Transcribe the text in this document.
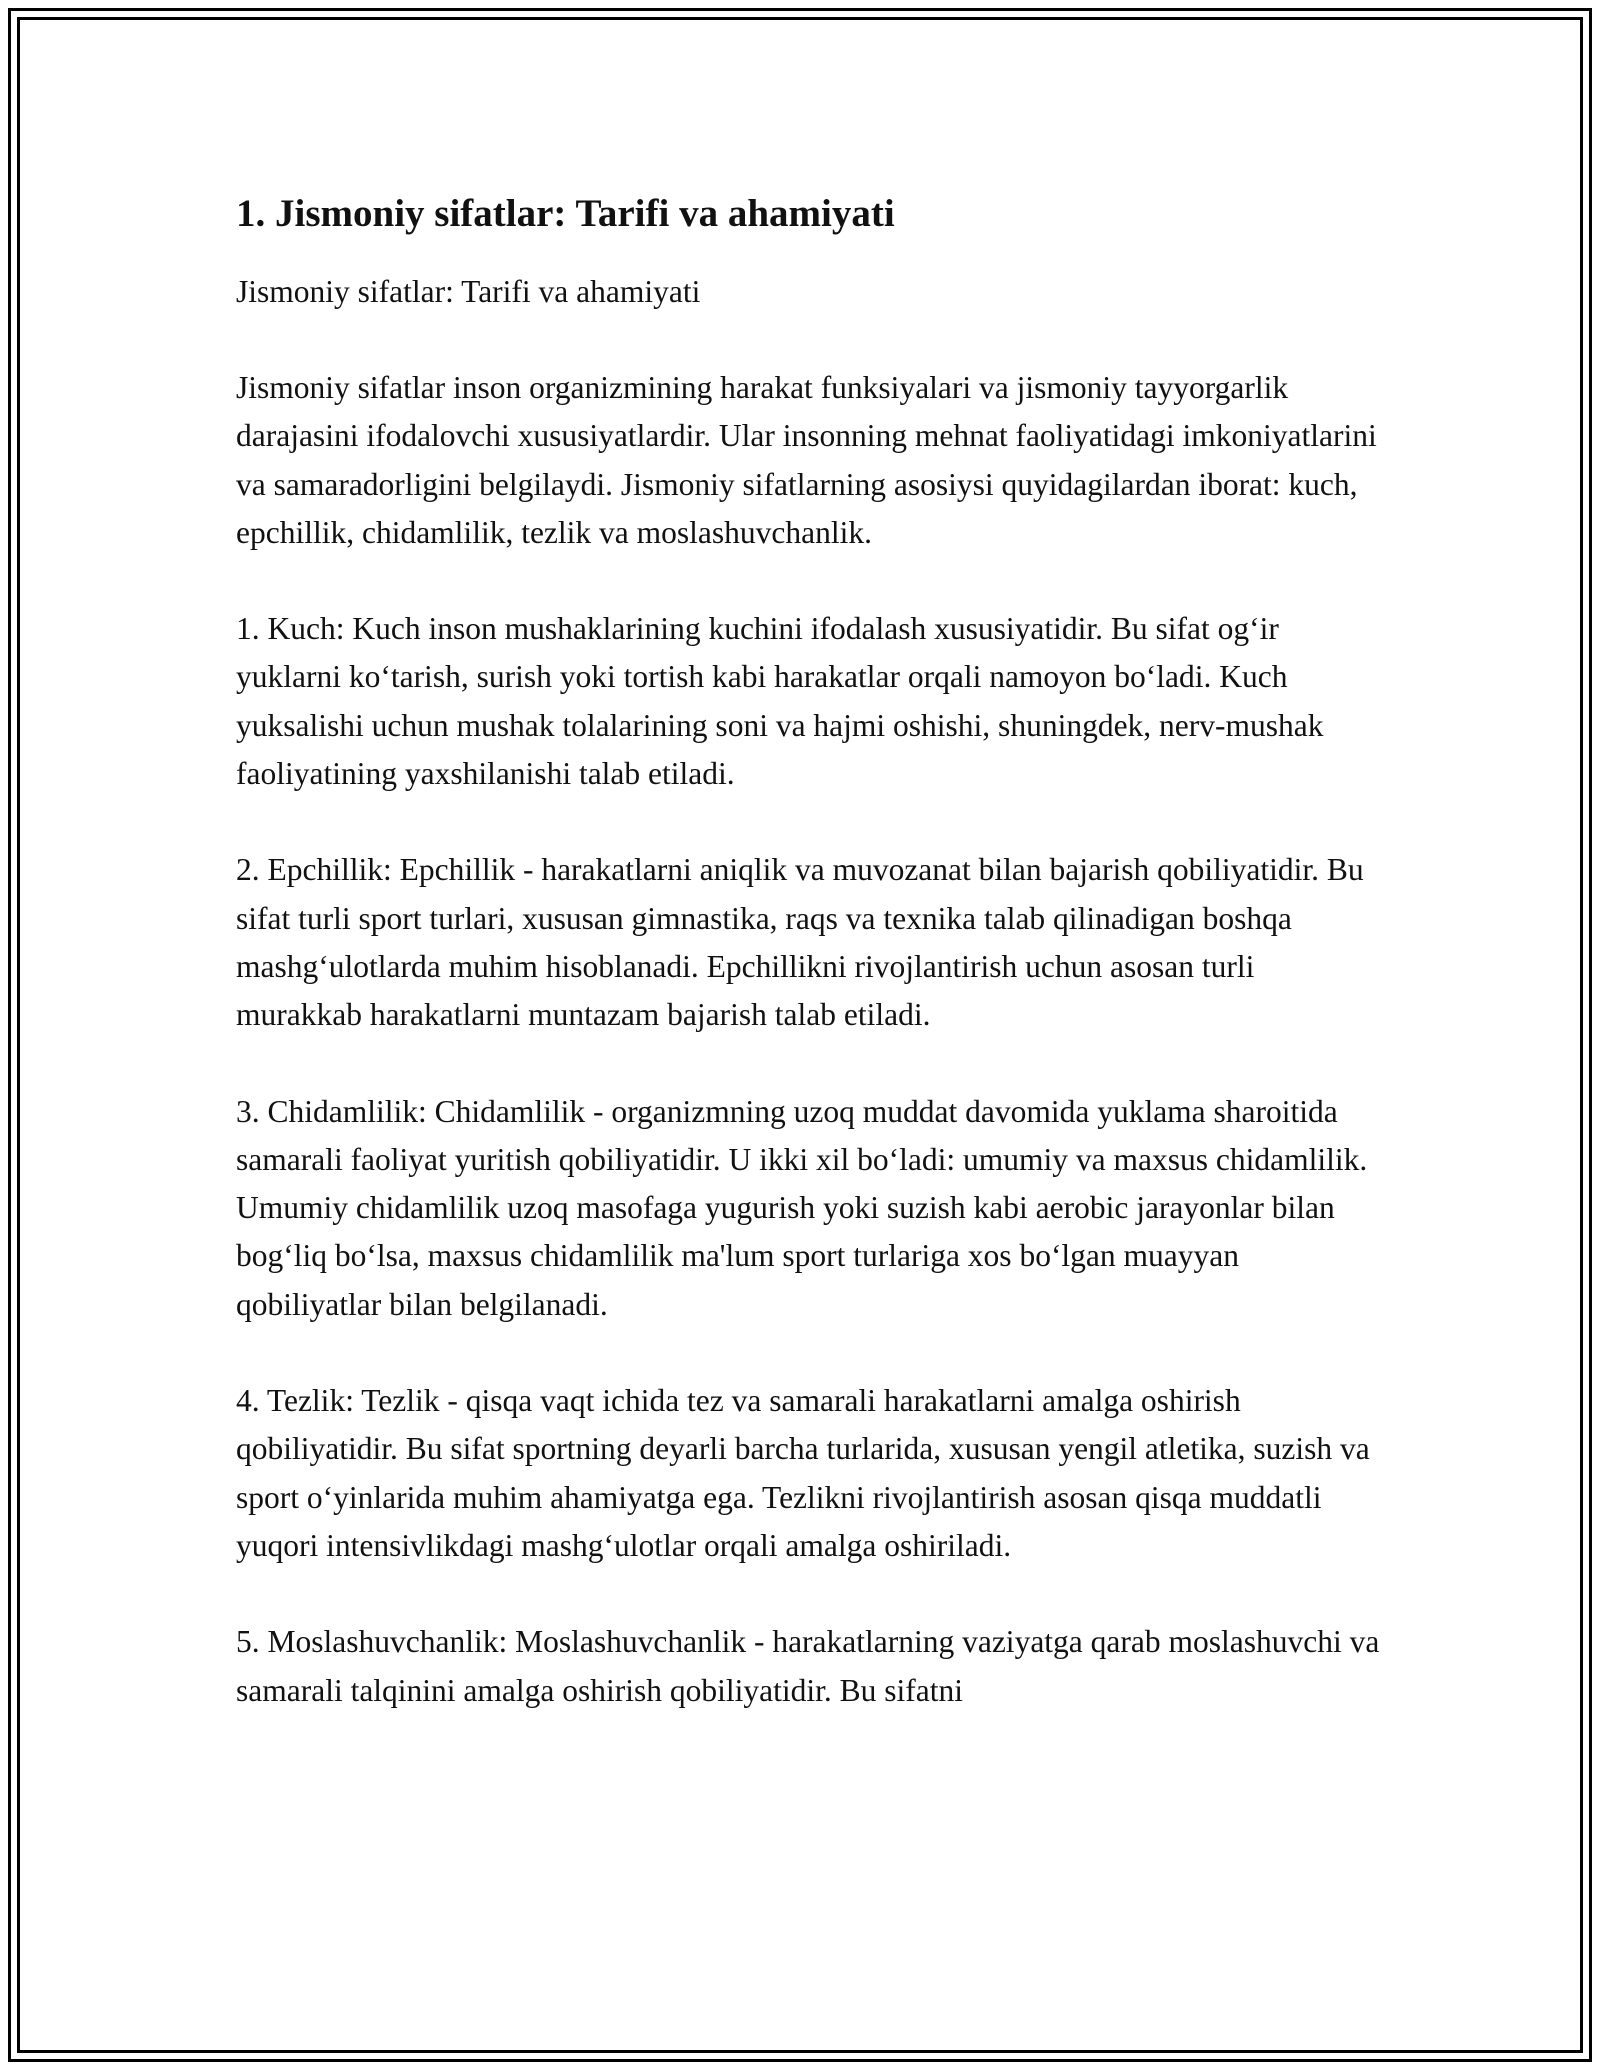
1. Jismoniy sifatlar: Tarifi va ahamiyati

Jismoniy sifatlar: Tarifi va ahamiyati

Jismoniy sifatlar inson organizmining harakat funksiyalari va jismoniy tayyorgarlik darajasini ifodalovchi xususiyatlardir. Ular insonning mehnat faoliyatidagi imkoniyatlarini va samaradorligini belgilaydi. Jismoniy sifatlarning asosiysi quyidagilardan iborat: kuch, epchillik, chidamlilik, tezlik va moslashuvchanlik.

1. Kuch: Kuch inson mushaklarining kuchini ifodalash xususiyatidir. Bu sifat og‘ir yuklarni ko‘tarish, surish yoki tortish kabi harakatlar orqali namoyon bo‘ladi. Kuch yuksalishi uchun mushak tolalarining soni va hajmi oshishi, shuningdek, nerv-mushak faoliyatining yaxshilanishi talab etiladi.

2. Epchillik: Epchillik - harakatlarni aniqlik va muvozanat bilan bajarish qobiliyatidir. Bu sifat turli sport turlari, xususan gimnastika, raqs va texnika talab qilinadigan boshqa mashg‘ulotlarda muhim hisoblanadi. Epchillikni rivojlantirish uchun asosan turli murakkab harakatlarni muntazam bajarish talab etiladi.

3. Chidamlilik: Chidamlilik - organizmning uzoq muddat davomida yuklama sharoitida samarali faoliyat yuritish qobiliyatidir. U ikki xil bo‘ladi: umumiy va maxsus chidamlilik. Umumiy chidamlilik uzoq masofaga yugurish yoki suzish kabi aerobic jarayonlar bilan bog‘liq bo‘lsa, maxsus chidamlilik ma'lum sport turlariga xos bo‘lgan muayyan qobiliyatlar bilan belgilanadi.

4. Tezlik: Tezlik - qisqa vaqt ichida tez va samarali harakatlarni amalga oshirish qobiliyatidir. Bu sifat sportning deyarli barcha turlarida, xususan yengil atletika, suzish va sport o‘yinlarida muhim ahamiyatga ega. Tezlikni rivojlantirish asosan qisqa muddatli yuqori intensivlikdagi mashg‘ulotlar orqali amalga oshiriladi.

5. Moslashuvchanlik: Moslashuvchanlik - harakatlarning vaziyatga qarab moslashuvchi va samarali talqinini amalga oshirish qobiliyatidir. Bu sifatni
